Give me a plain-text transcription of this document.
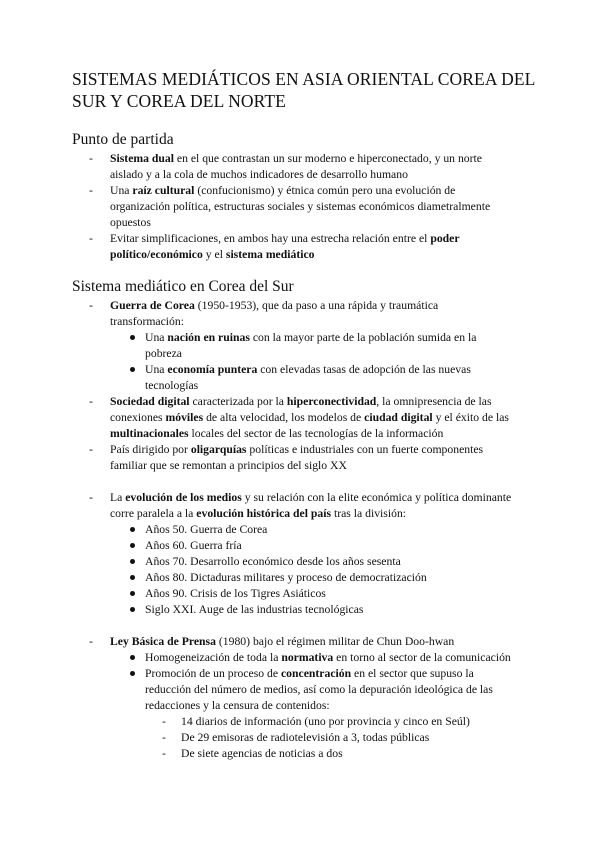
SISTEMAS MEDIÁTICOS EN ASIA ORIENTAL COREA DEL
SUR Y COREA DEL NORTE
Punto de partida
- Sistema dual en el que contrastan un sur moderno e hiperconectado, y un norte
aislado y a la cola de muchos indicadores de desarrollo humano

- Una raíz cultural (confucionismo) y étnica común pero una evolución de
organización política, estructuras sociales y sistemas económicos diametralmente
opuestos

- Evitar simplificaciones, en ambos hay una estrecha relación entre el poder
político/económico y el sistema mediático

Sistema mediático en Corea del Sur
- Guerra de Corea (1950-1953), que da paso a una rápida y traumática
transformación:

Una nación en ruinas con la mayor parte de la población sumida en la
pobreza

Una economía puntera con elevadas tasas de adopción de las nuevas
tecnologías

- Sociedad digital caracterizada por la hiperconectividad, la omnipresencia de las
conexiones móviles de alta velocidad, los modelos de ciudad digital y el éxito de las
multinacionales locales del sector de las tecnologías de la información

- País dirigido por oligarquías políticas e industriales con un fuerte componentes
familiar que se remontan a principios del siglo XX

- La evolución de los medios y su relación con la elite económica y política dominante
corre paralela a la evolución histórica del país tras la división:

Años 50. Guerra de Corea

Años 60. Guerra fría

Años 70. Desarrollo económico desde los años sesenta

Años 80. Dictaduras militares y proceso de democratización

Años 90. Crisis de los Tigres Asiáticos

Siglo XXI. Auge de las industrias tecnológicas

- Ley Básica de Prensa (1980) bajo el régimen militar de Chun Doo-hwan

Homogeneización de toda la normativa en torno al sector de la comunicación

Promoción de un proceso de concentración en el sector que supuso la
reducción del número de medios, así como la depuración ideológica de las
redacciones y la censura de contenidos:

- 14 diarios de información (uno por provincia y cinco en Seúl)

- De 29 emisoras de radiotelevisión a 3, todas públicas

- De siete agencias de noticias a dos
